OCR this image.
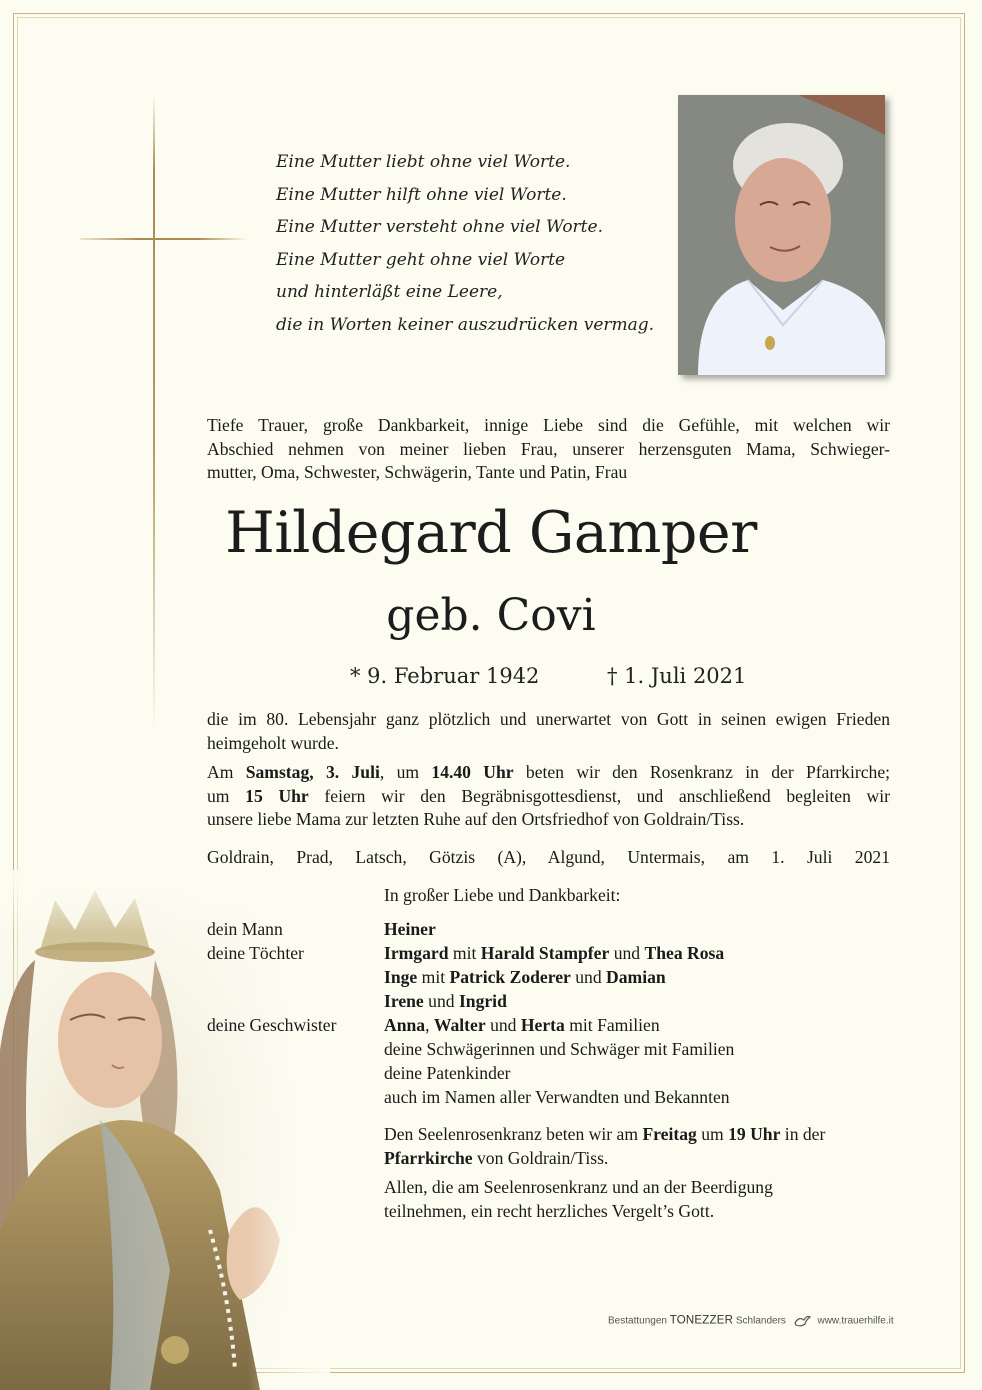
Eine Mutter liebt ohne viel Worte.
Eine Mutter hilft ohne viel Worte.
Eine Mutter versteht ohne viel Worte.
Eine Mutter geht ohne viel Worte
und hinterläßt eine Leere,
die in Worten keiner auszudrücken vermag.
Tiefe Trauer, große Dankbarkeit, innige Liebe sind die Gefühle, mit welchen wir
Abschied nehmen von meiner lieben Frau, unserer herzensguten Mama, Schwieger-
mutter, Oma, Schwester, Schwägerin, Tante und Patin, Frau
Hildegard Gamper
geb. Covi
* 9. Februar 1942	† 1. Juli 2021
die im 80. Lebensjahr ganz plötzlich und unerwartet von Gott in seinen ewigen Frieden
heimgeholt wurde.
Am Samstag, 3. Juli, um 14.40 Uhr beten wir den Rosenkranz in der Pfarrkirche;
um 15 Uhr feiern wir den Begräbnisgottesdienst, und anschließend begleiten wir
unsere liebe Mama zur letzten Ruhe auf den Ortsfriedhof von Goldrain/Tiss.
Goldrain, Prad, Latsch, Götzis (A), Algund, Untermais, am 1. Juli 2021
In großer Liebe und Dankbarkeit:
dein Mann	Heiner
deine Töchter	Irmgard mit Harald Stampfer und Thea Rosa
Inge mit Patrick Zoderer und Damian
Irene und Ingrid
deine Geschwister	Anna, Walter und Herta mit Familien
deine Schwägerinnen und Schwäger mit Familien
deine Patenkinder
auch im Namen aller Verwandten und Bekannten
Den Seelenrosenkranz beten wir am Freitag um 19 Uhr in der
Pfarrkirche von Goldrain/Tiss.
Allen, die am Seelenrosenkranz und an der Beerdigung
teilnehmen, ein recht herzliches Vergelt’s Gott.
Bestattungen TONEZZER Schlanders	www.trauerhilfe.it
